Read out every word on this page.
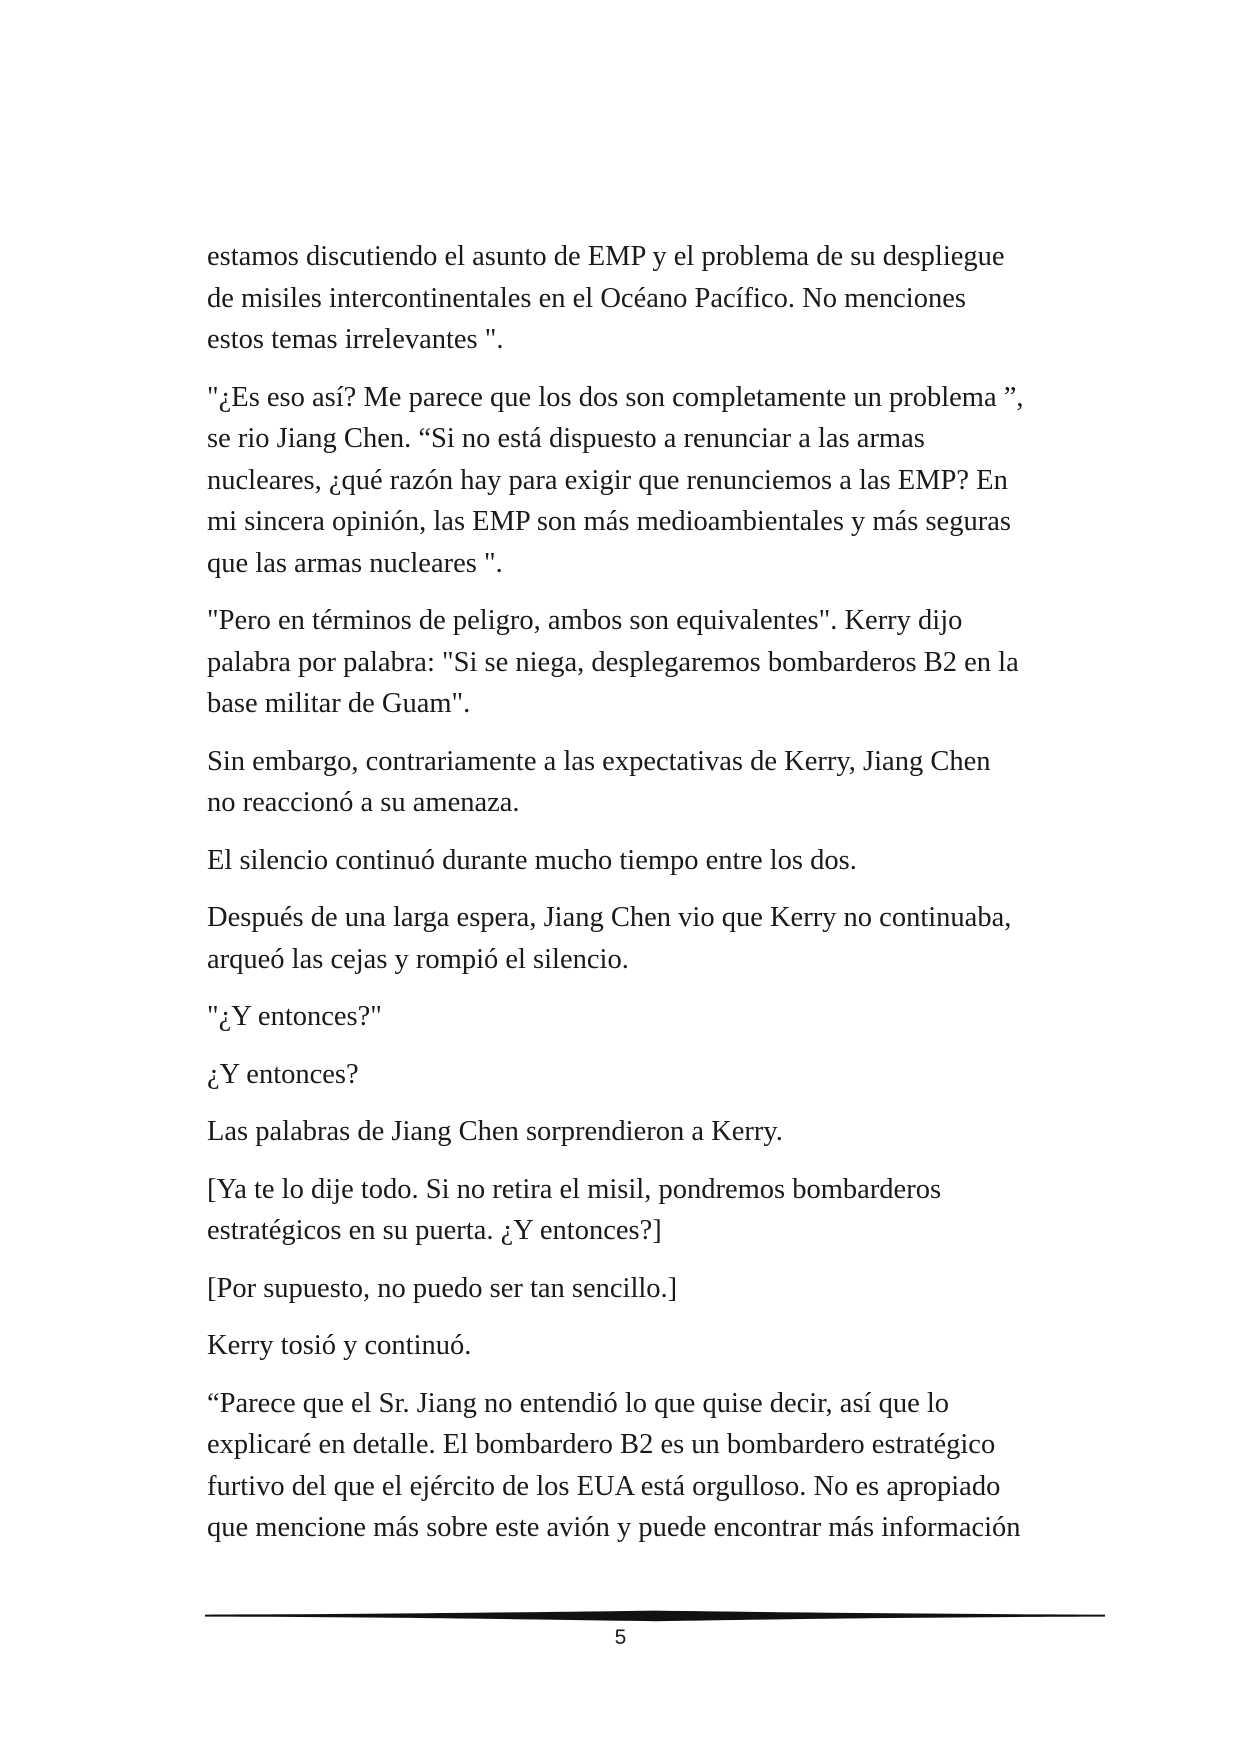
estamos discutiendo el asunto de EMP y el problema de su despliegue
de misiles intercontinentales en el Océano Pacífico. No menciones
estos temas irrelevantes ".

"¿Es eso así? Me parece que los dos son completamente un problema ”,
se rio Jiang Chen. “Si no está dispuesto a renunciar a las armas
nucleares, ¿qué razón hay para exigir que renunciemos a las EMP? En
mi sincera opinión, las EMP son más medioambientales y más seguras
que las armas nucleares ".

"Pero en términos de peligro, ambos son equivalentes". Kerry dijo
palabra por palabra: "Si se niega, desplegaremos bombarderos B2 en la
base militar de Guam".

Sin embargo, contrariamente a las expectativas de Kerry, Jiang Chen
no reaccionó a su amenaza.

El silencio continuó durante mucho tiempo entre los dos.

Después de una larga espera, Jiang Chen vio que Kerry no continuaba,
arqueó las cejas y rompió el silencio.

"¿Y entonces?"

¿Y entonces?

Las palabras de Jiang Chen sorprendieron a Kerry.

[Ya te lo dije todo. Si no retira el misil, pondremos bombarderos
estratégicos en su puerta. ¿Y entonces?]

[Por supuesto, no puedo ser tan sencillo.]

Kerry tosió y continuó.

“Parece que el Sr. Jiang no entendió lo que quise decir, así que lo
explicaré en detalle. El bombardero B2 es un bombardero estratégico
furtivo del que el ejército de los EUA está orgulloso. No es apropiado
que mencione más sobre este avión y puede encontrar más información

5
